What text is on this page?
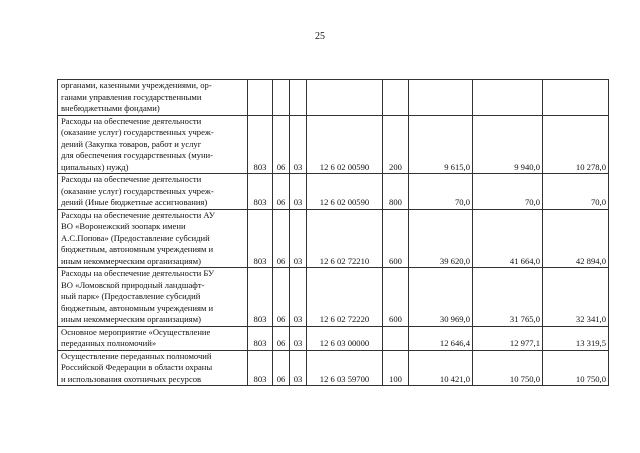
25
органами, казенными учреждениями, ор-
ганами управления государственными
внебюджетными фондами)								

Расходы на обеспечение деятельности
(оказание услуг) государственных учреж-
дений (Закупка товаров, работ и услуг
для обеспечения государственных (муни-
ципальных) нужд)	803	06	03	12 6 02 00590	200	9 615,0	9 940,0	10 278,0

Расходы на обеспечение деятельности
(оказание услуг) государственных учреж-
дений (Иные бюджетные ассигнования)	803	06	03	12 6 02 00590	800	70,0	70,0	70,0

Расходы на обеспечение деятельности АУ
ВО «Воронежский зоопарк имени
А.С.Попова» (Предоставление субсидий
бюджетным, автономным учреждениям и
иным некоммерческим организациям)	803	06	03	12 6 02 72210	600	39 620,0	41 664,0	42 894,0

Расходы на обеспечение деятельности БУ
ВО «Ломовской природный ландшафт-
ный парк» (Предоставление субсидий
бюджетным, автономным учреждениям и
иным некоммерческим организациям)	803	06	03	12 6 02 72220	600	30 969,0	31 765,0	32 341,0

Основное мероприятие «Осуществление
переданных полномочий»	803	06	03	12 6 03 00000		12 646,4	12 977,1	13 319,5

Осуществление переданных полномочий
Российской Федерации в области охраны
и использования охотничьих ресурсов	803	06	03	12 6 03 59700	100	10 421,0	10 750,0	10 750,0
